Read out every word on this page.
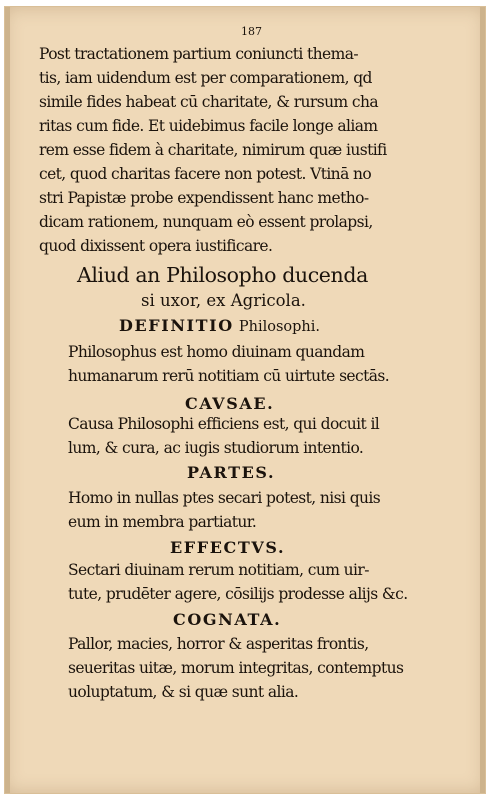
187
Post tractationem partium coniuncti thema-
tis, iam uidendum est per comparationem, qd
simile fides habeat cū charitate, & rursum cha
ritas cum fide. Et uidebimus facile longe aliam
rem esse fidem à charitate, nimirum quæ iustifi
cet, quod charitas facere non potest. Vtinā no
stri Papistæ probe expendissent hanc metho-
dicam rationem, nunquam eò essent prolapsi,
quod dixissent opera iustificare.
Aliud an Philosopho ducenda
si uxor, ex Agricola.
DEFINITIO Philosophi.
Philosophus est homo diuinam quandam
humanarum rerū notitiam cū uirtute sectās.
CAVSAE.
Causa Philosophi efficiens est, qui docuit il
lum, & cura, ac iugis studiorum intentio.
PARTES.
Homo in nullas ptes secari potest, nisi quis
eum in membra partiatur.
EFFECTVS.
Sectari diuinam rerum notitiam, cum uir-
tute, prudēter agere, cōsilijs prodesse alijs &c.
COGNATA.
Pallor, macies, horror & asperitas frontis,
seueritas uitæ, morum integritas, contemptus
uoluptatum, & si quæ sunt alia.
